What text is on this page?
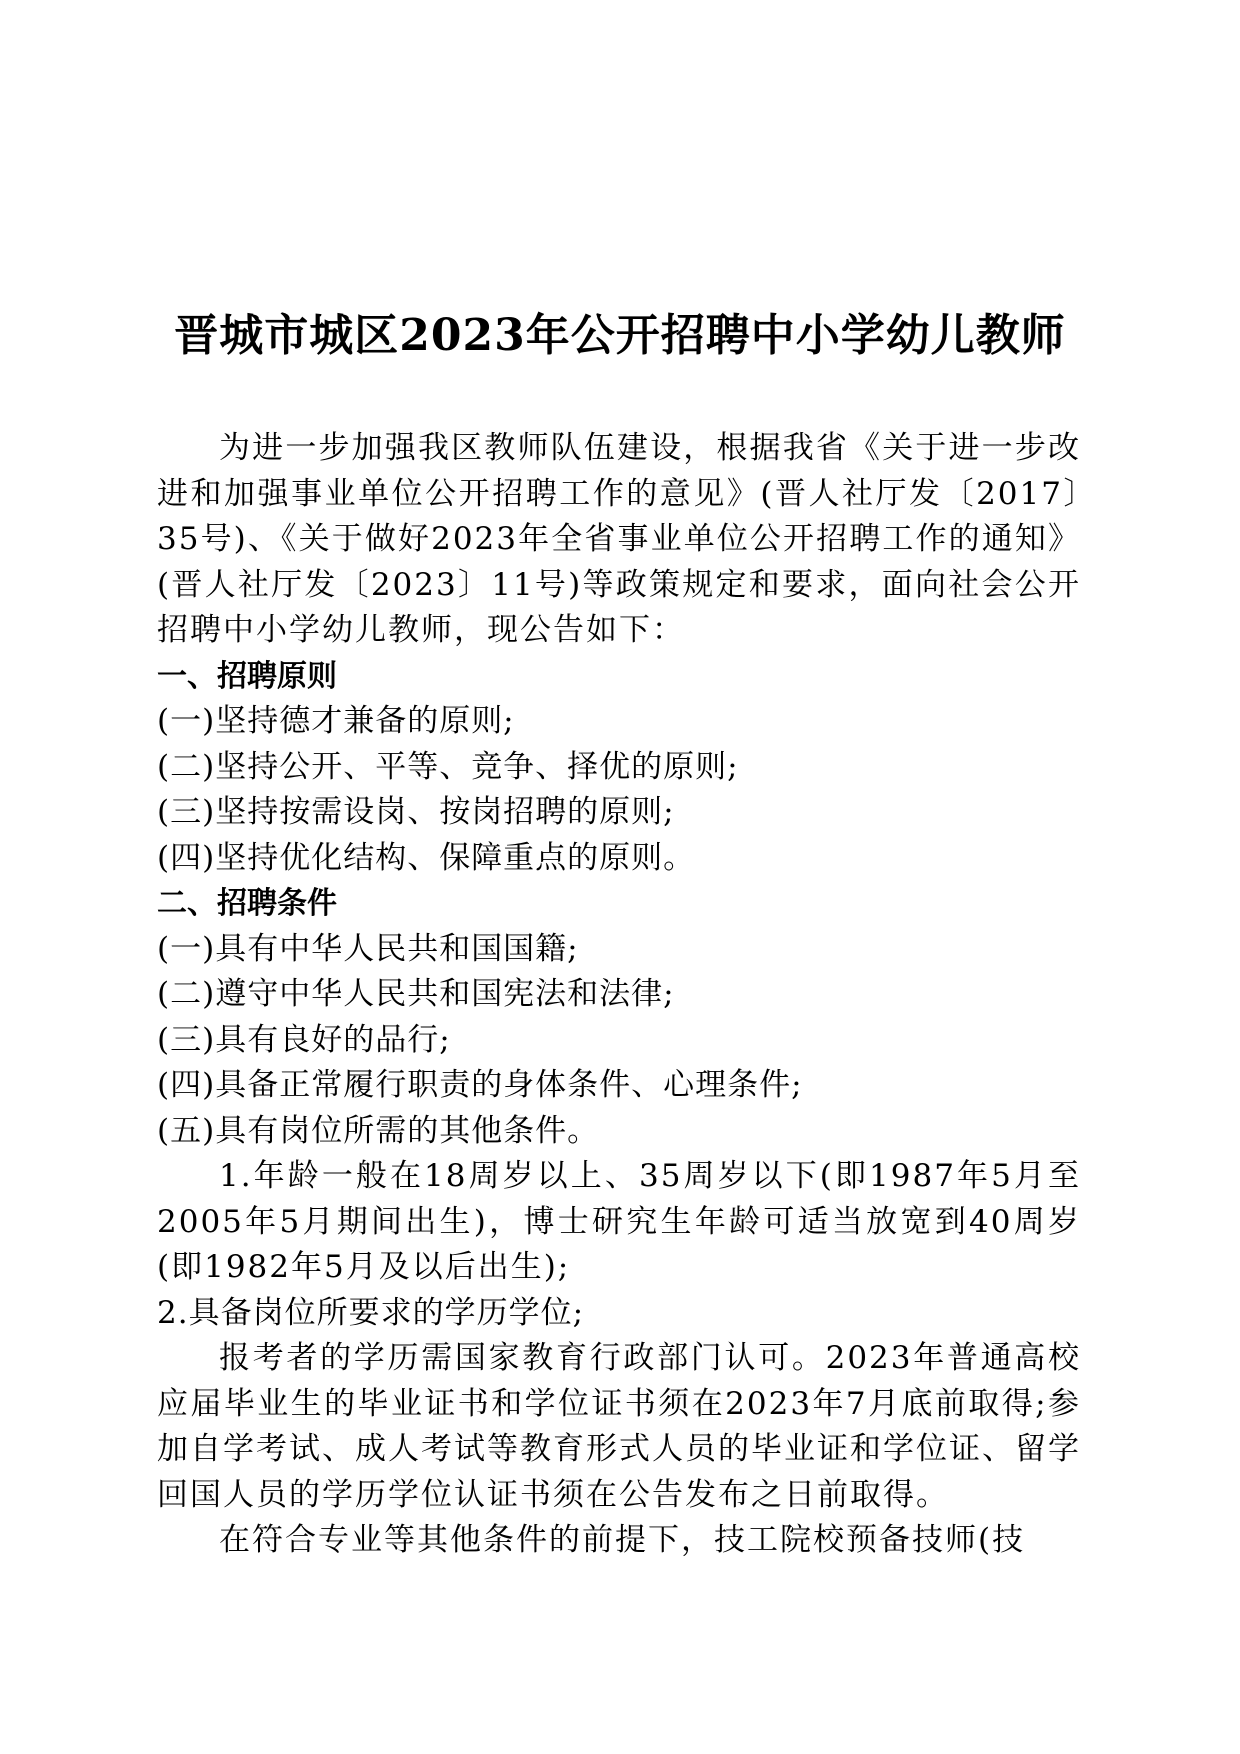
晋城市城区2023年公开招聘中小学幼儿教师

为进一步加强我区教师队伍建设，根据我省《关于进一步改进和加强事业单位公开招聘工作的意见》(晋人社厅发〔2017〕35号)、《关于做好2023年全省事业单位公开招聘工作的通知》(晋人社厅发〔2023〕11号)等政策规定和要求，面向社会公开招聘中小学幼儿教师，现公告如下：

一、招聘原则

(一)坚持德才兼备的原则;

(二)坚持公开、平等、竞争、择优的原则;

(三)坚持按需设岗、按岗招聘的原则;

(四)坚持优化结构、保障重点的原则。

二、招聘条件

(一)具有中华人民共和国国籍;

(二)遵守中华人民共和国宪法和法律;

(三)具有良好的品行;

(四)具备正常履行职责的身体条件、心理条件;

(五)具有岗位所需的其他条件。

1.年龄一般在18周岁以上、35周岁以下(即1987年5月至2005年5月期间出生)，博士研究生年龄可适当放宽到40周岁(即1982年5月及以后出生);

2.具备岗位所要求的学历学位;

报考者的学历需国家教育行政部门认可。2023年普通高校应届毕业生的毕业证书和学位证书须在2023年7月底前取得;参加自学考试、成人考试等教育形式人员的毕业证和学位证、留学回国人员的学历学位认证书须在公告发布之日前取得。

在符合专业等其他条件的前提下，技工院校预备技师(技
